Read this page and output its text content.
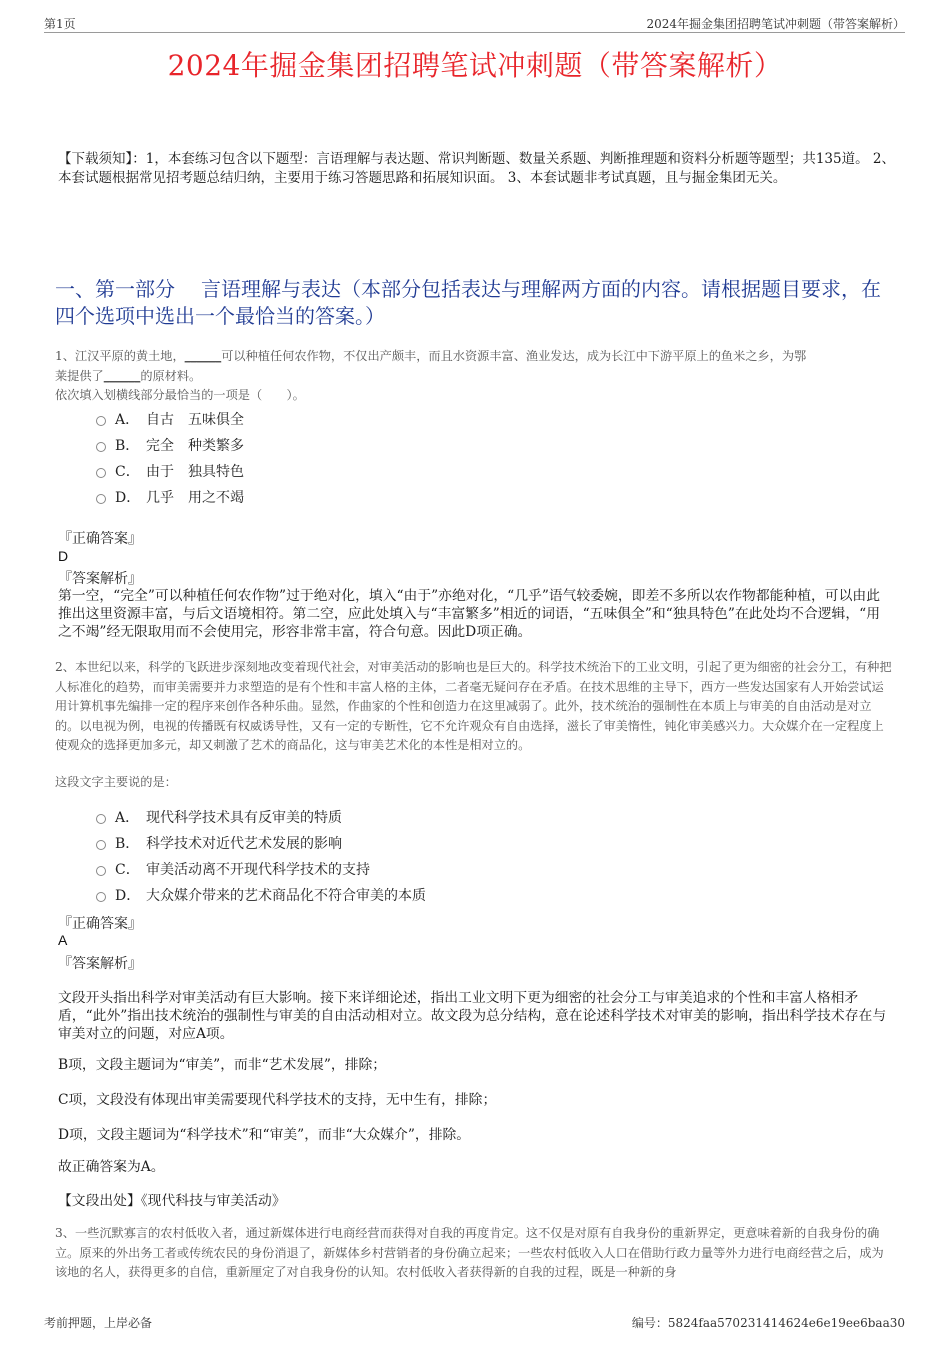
第1页	2024年掘金集团招聘笔试冲刺题（带答案解析）
2024年掘金集团招聘笔试冲刺题（带答案解析）
【下载须知】：1，本套练习包含以下题型：言语理解与表达题、常识判断题、数量关系题、判断推理题和资料分析题等题型；共135道。 2、本套试题根据常见招考题总结归纳，主要用于练习答题思路和拓展知识面。 3、本套试题非考试真题，且与掘金集团无关。
一、第一部分 言语理解与表达（本部分包括表达与理解两方面的内容。请根据题目要求，在四个选项中选出一个最恰当的答案。）
1、江汉平原的黄土地，______可以种植任何农作物，不仅出产颇丰，而且水资源丰富、渔业发达，成为长江中下游平原上的鱼米之乡，为鄂
莱提供了______的原材料。
依次填入划横线部分最恰当的一项是（　　）。
A． 自古　五味俱全
B． 完全　种类繁多
C． 由于　独具特色
D． 几乎　用之不竭
『正确答案』
D
『答案解析』
第一空，“完全”可以种植任何农作物”过于绝对化，填入“由于”亦绝对化，“几乎”语气较委婉，即差不多所以农作物都能种植，可以由此推出这里资源丰富，与后文语境相符。第二空，应此处填入与“丰富繁多”相近的词语，“五味俱全”和“独具特色”在此处均不合逻辑，“用之不竭”经无限取用而不会使用完，形容非常丰富，符合句意。因此D项正确。
2、本世纪以来，科学的飞跃进步深刻地改变着现代社会，对审美活动的影响也是巨大的。科学技术统治下的工业文明，引起了更为细密的社会分工，有种把人标准化的趋势，而审美需要并力求塑造的是有个性和丰富人格的主体，二者毫无疑问存在矛盾。在技术思维的主导下，西方一些发达国家有人开始尝试运用计算机事先编排一定的程序来创作各种乐曲。显然，作曲家的个性和创造力在这里减弱了。此外，技术统治的强制性在本质上与审美的自由活动是对立的。以电视为例，电视的传播既有权威诱导性，又有一定的专断性，它不允许观众有自由选择，滋长了审美惰性，钝化审美感兴力。大众媒介在一定程度上使观众的选择更加多元，却又刺激了艺术的商品化，这与审美艺术化的本性是相对立的。
这段文字主要说的是：
A． 现代科学技术具有反审美的特质
B． 科学技术对近代艺术发展的影响
C． 审美活动离不开现代科学技术的支持
D． 大众媒介带来的艺术商品化不符合审美的本质
『正确答案』
A
『答案解析』
文段开头指出科学对审美活动有巨大影响。接下来详细论述，指出工业文明下更为细密的社会分工与审美追求的个性和丰富人格相矛盾，“此外”指出技术统治的强制性与审美的自由活动相对立。故文段为总分结构，意在论述科学技术对审美的影响，指出科学技术存在与审美对立的问题，对应A项。
B项，文段主题词为“审美”，而非“艺术发展”，排除；
C项，文段没有体现出审美需要现代科学技术的支持，无中生有，排除；
D项，文段主题词为“科学技术”和“审美”，而非“大众媒介”，排除。
故正确答案为A。
【文段出处】《现代科技与审美活动》
3、一些沉默寡言的农村低收入者，通过新媒体进行电商经营而获得对自我的再度肯定。这不仅是对原有自我身份的重新界定，更意味着新的自我身份的确立。原来的外出务工者或传统农民的身份消退了，新媒体乡村营销者的身份确立起来；一些农村低收入人口在借助行政力量等外力进行电商经营之后，成为该地的名人，获得更多的自信，重新厘定了对自我身份的认知。农村低收入者获得新的自我的过程，既是一种新的身
考前押题，上岸必备	编号：5824faa570231414624e6e19ee6baa30
